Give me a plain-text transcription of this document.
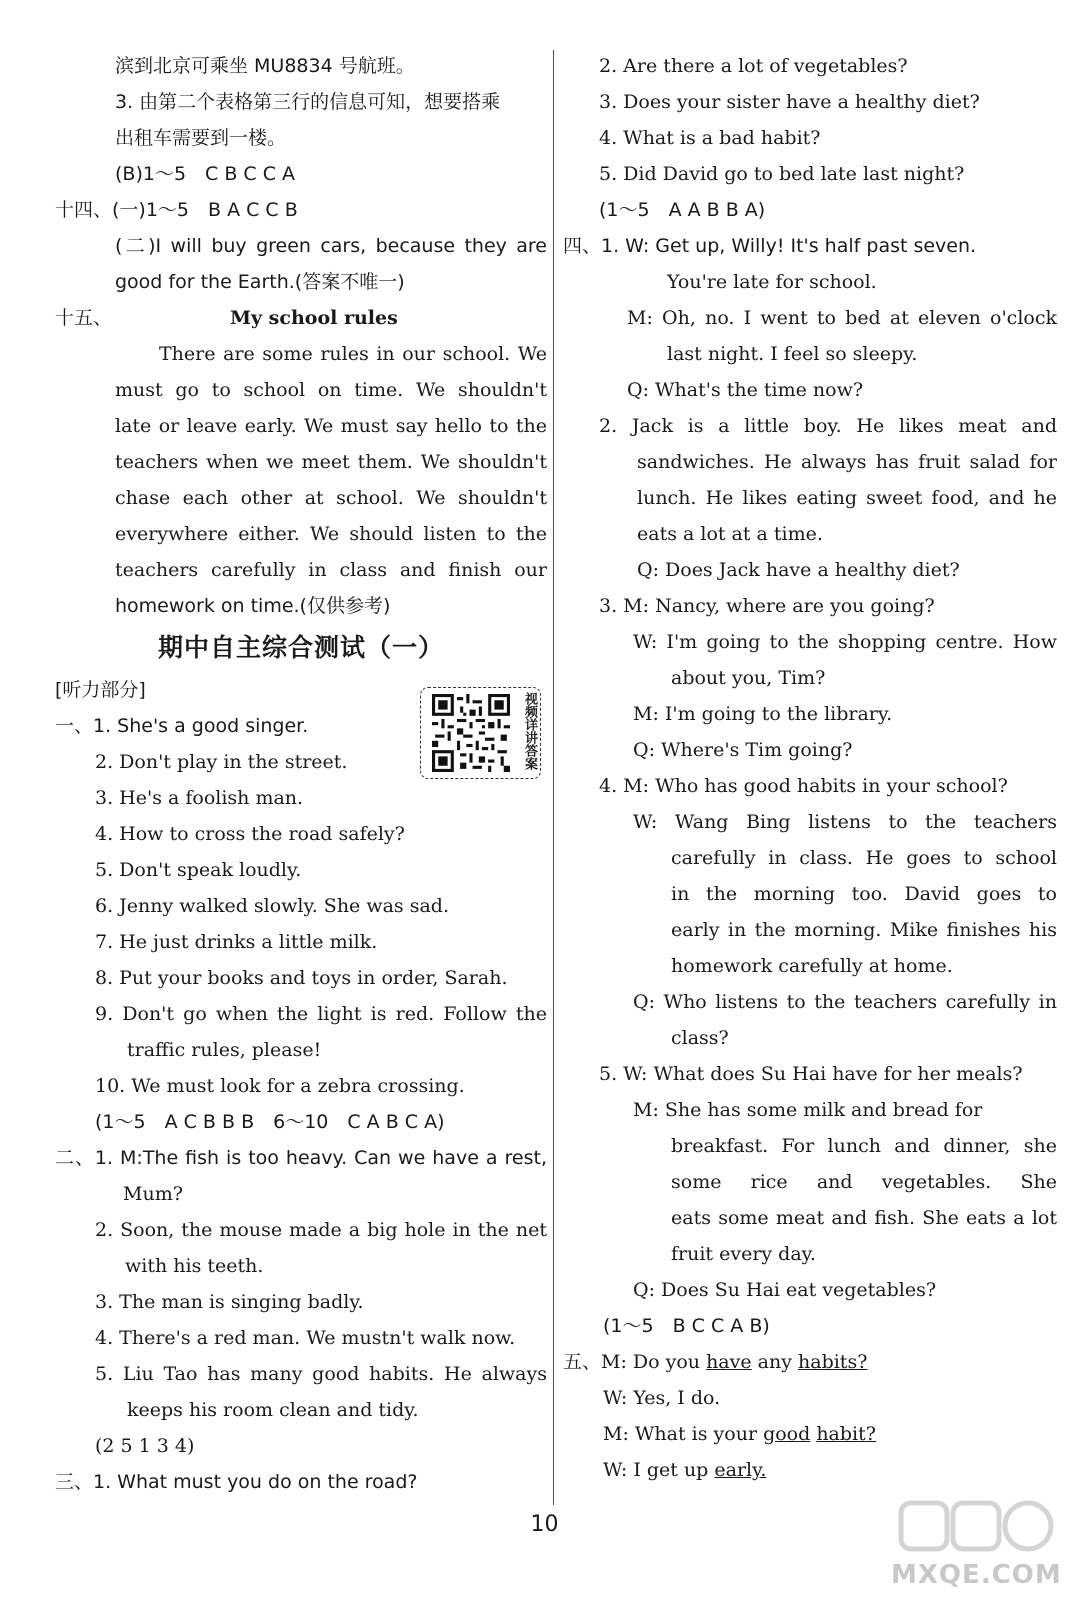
滨到北京可乘坐 MU8834 号航班。
3. 由第二个表格第三行的信息可知，想要搭乘
出租车需要到一楼。
(B)1～5　C B C C A
十四、(一)1～5　B A C C B
(二)I will buy green cars, because they are
good for the Earth.(答案不唯一)
十五、	My school rules
There are some rules in our school. We
must go to school on time. We shouldn't
late or leave early. We must say hello to the
teachers when we meet them. We shouldn't
chase each other at school. We shouldn't
everywhere either. We should listen to the
teachers carefully in class and finish our
homework on time.(仅供参考)
期中自主综合测试（一）
[听力部分]
一、1. She's a good singer.
2. Don't play in the street.
3. He's a foolish man.
4. How to cross the road safely?
5. Don't speak loudly.
6. Jenny walked slowly. She was sad.
7. He just drinks a little milk.
8. Put your books and toys in order, Sarah.
9. Don't go when the light is red. Follow the
traffic rules, please!
10. We must look for a zebra crossing.
(1～5　A C B B B　6～10　C A B C A)
二、1. M:The fish is too heavy. Can we have a rest,
Mum?
2. Soon, the mouse made a big hole in the net
with his teeth.
3. The man is singing badly.
4. There's a red man. We mustn't walk now.
5. Liu Tao has many good habits. He always
keeps his room clean and tidy.
(2 5 1 3 4)
三、1. What must you do on the road?
视频详讲答案
2. Are there a lot of vegetables?
3. Does your sister have a healthy diet?
4. What is a bad habit?
5. Did David go to bed late last night?
(1～5　A A B B A)
四、1. W: Get up, Willy! It's half past seven.
You're late for school.
M: Oh, no. I went to bed at eleven o'clock
last night. I feel so sleepy.
Q: What's the time now?
2. Jack is a little boy. He likes meat and
sandwiches. He always has fruit salad for
lunch. He likes eating sweet food, and he
eats a lot at a time.
Q: Does Jack have a healthy diet?
3. M: Nancy, where are you going?
W: I'm going to the shopping centre. How
about you, Tim?
M: I'm going to the library.
Q: Where's Tim going?
4. M: Who has good habits in your school?
W: Wang Bing listens to the teachers
carefully in class. He goes to school
in the morning too. David goes to
early in the morning. Mike finishes his
homework carefully at home.
Q: Who listens to the teachers carefully in
class?
5. W: What does Su Hai have for her meals?
M: She has some milk and bread for
breakfast. For lunch and dinner, she
some rice and vegetables. She
eats some meat and fish. She eats a lot
fruit every day.
Q: Does Su Hai eat vegetables?
(1～5　B C C A B)
五、M: Do you have any habits?
W: Yes, I do.
M: What is your good habit?
W: I get up early.
10
MXQE.COM
